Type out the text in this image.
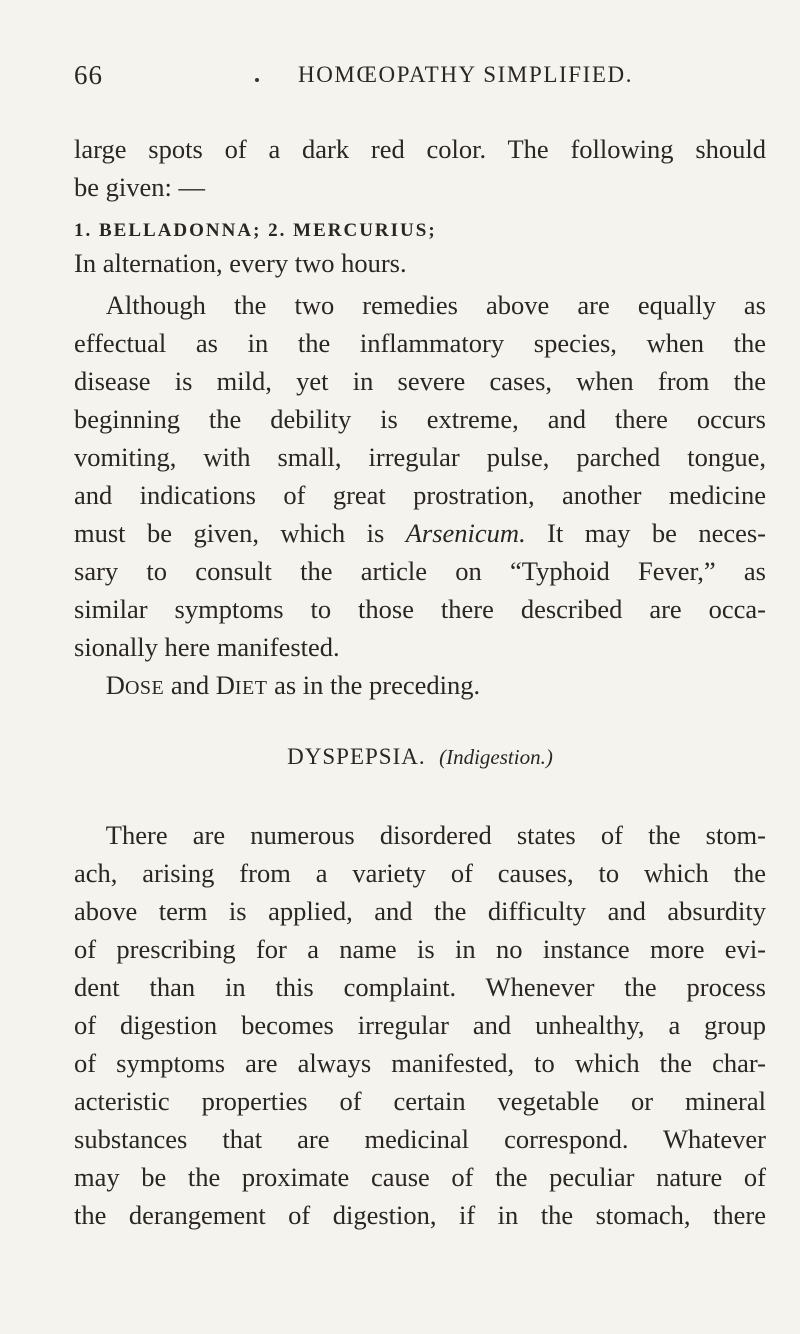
66	HOMŒOPATHY SIMPLIFIED.
large spots of a dark red color. The following should
be given: —
1. BELLADONNA; 2. MERCURIUS;
In alternation, every two hours.
Although the two remedies above are equally as
effectual as in the inflammatory species, when the
disease is mild, yet in severe cases, when from the
beginning the debility is extreme, and there occurs
vomiting, with small, irregular pulse, parched tongue,
and indications of great prostration, another medicine
must be given, which is Arsenicum. It may be neces-
sary to consult the article on “Typhoid Fever,” as
similar symptoms to those there described are occa-
sionally here manifested.
DOSE and DIET as in the preceding.
DYSPEPSIA. (Indigestion.)
There are numerous disordered states of the stom-
ach, arising from a variety of causes, to which the
above term is applied, and the difficulty and absurdity
of prescribing for a name is in no instance more evi-
dent than in this complaint. Whenever the process
of digestion becomes irregular and unhealthy, a group
of symptoms are always manifested, to which the char-
acteristic properties of certain vegetable or mineral
substances that are medicinal correspond. Whatever
may be the proximate cause of the peculiar nature of
the derangement of digestion, if in the stomach, there
